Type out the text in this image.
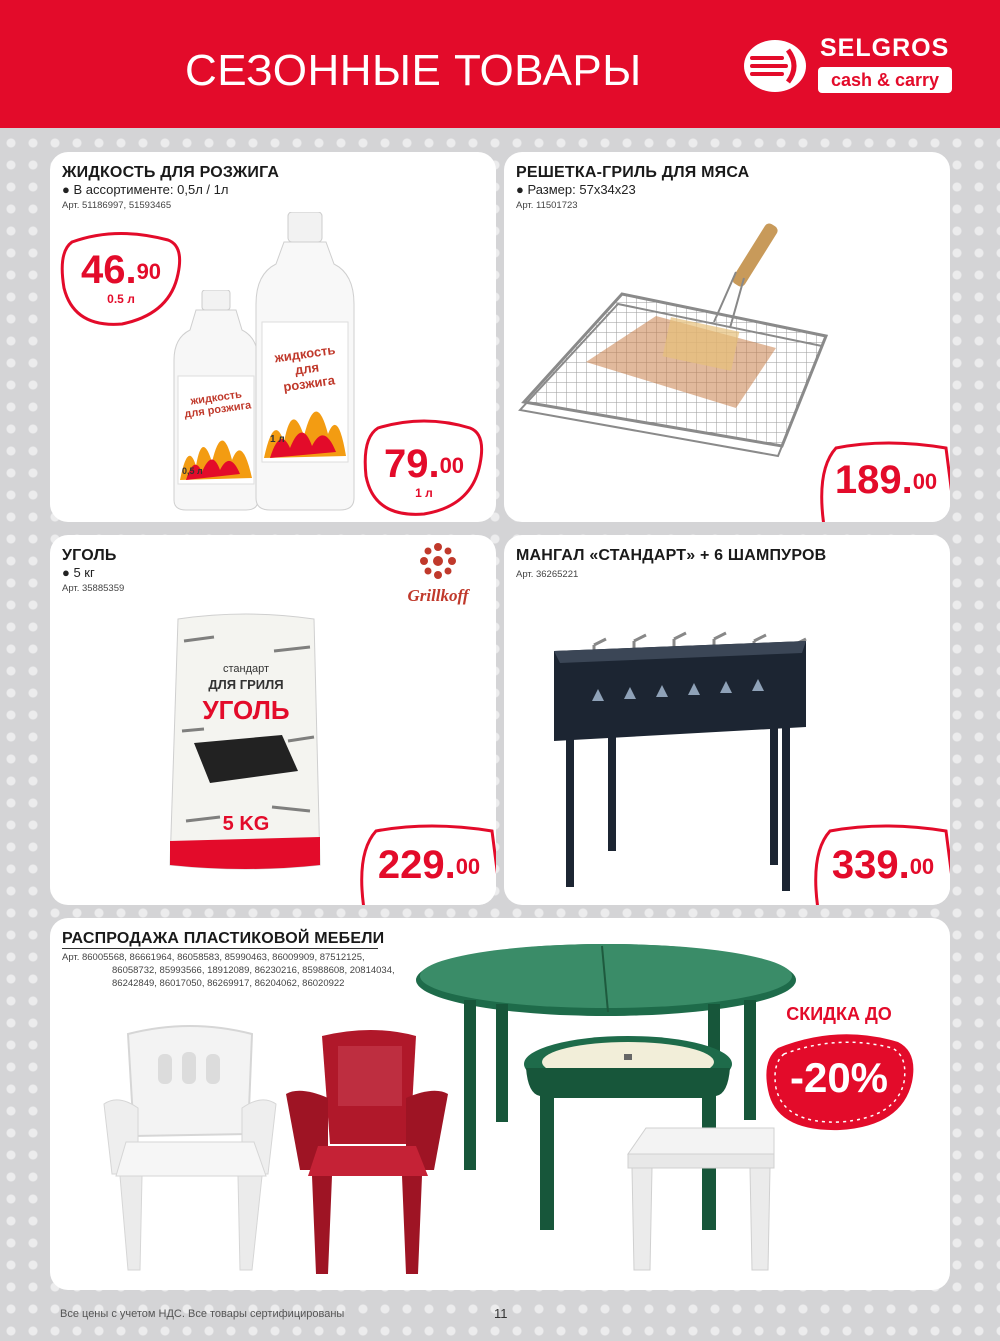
СЕЗОННЫЕ ТОВАРЫ	SELGROS
cash & carry
ЖИДКОСТЬ ДЛЯ РОЗЖИГА
● В ассортименте: 0,5л / 1л
Арт. 51186997, 51593465
46.90
0.5 л
жидкость для розжига
0,5 л
жидкость для розжига
1 л
79.00
1 л
РЕШЕТКА-ГРИЛЬ ДЛЯ МЯСА
● Размер: 57x34x23
Арт. 11501723
189.00
УГОЛЬ
● 5 кг
Арт. 35885359	Grillkoff
стандарт
ДЛЯ ГРИЛЯ
УГОЛЬ
5 KG
229.00
МАНГАЛ «СТАНДАРТ» + 6 ШАМПУРОВ
Арт. 36265221
339.00
РАСПРОДАЖА ПЛАСТИКОВОЙ МЕБЕЛИ
Арт. 86005568, 86661964, 86058583, 85990463, 86009909, 87512125,
86058732, 85993566, 18912089, 86230216, 85988608, 20814034,
86242849, 86017050, 86269917, 86204062, 86020922
СКИДКА ДО
-20%
Все цены с учетом НДС. Все товары сертифицированы	11
